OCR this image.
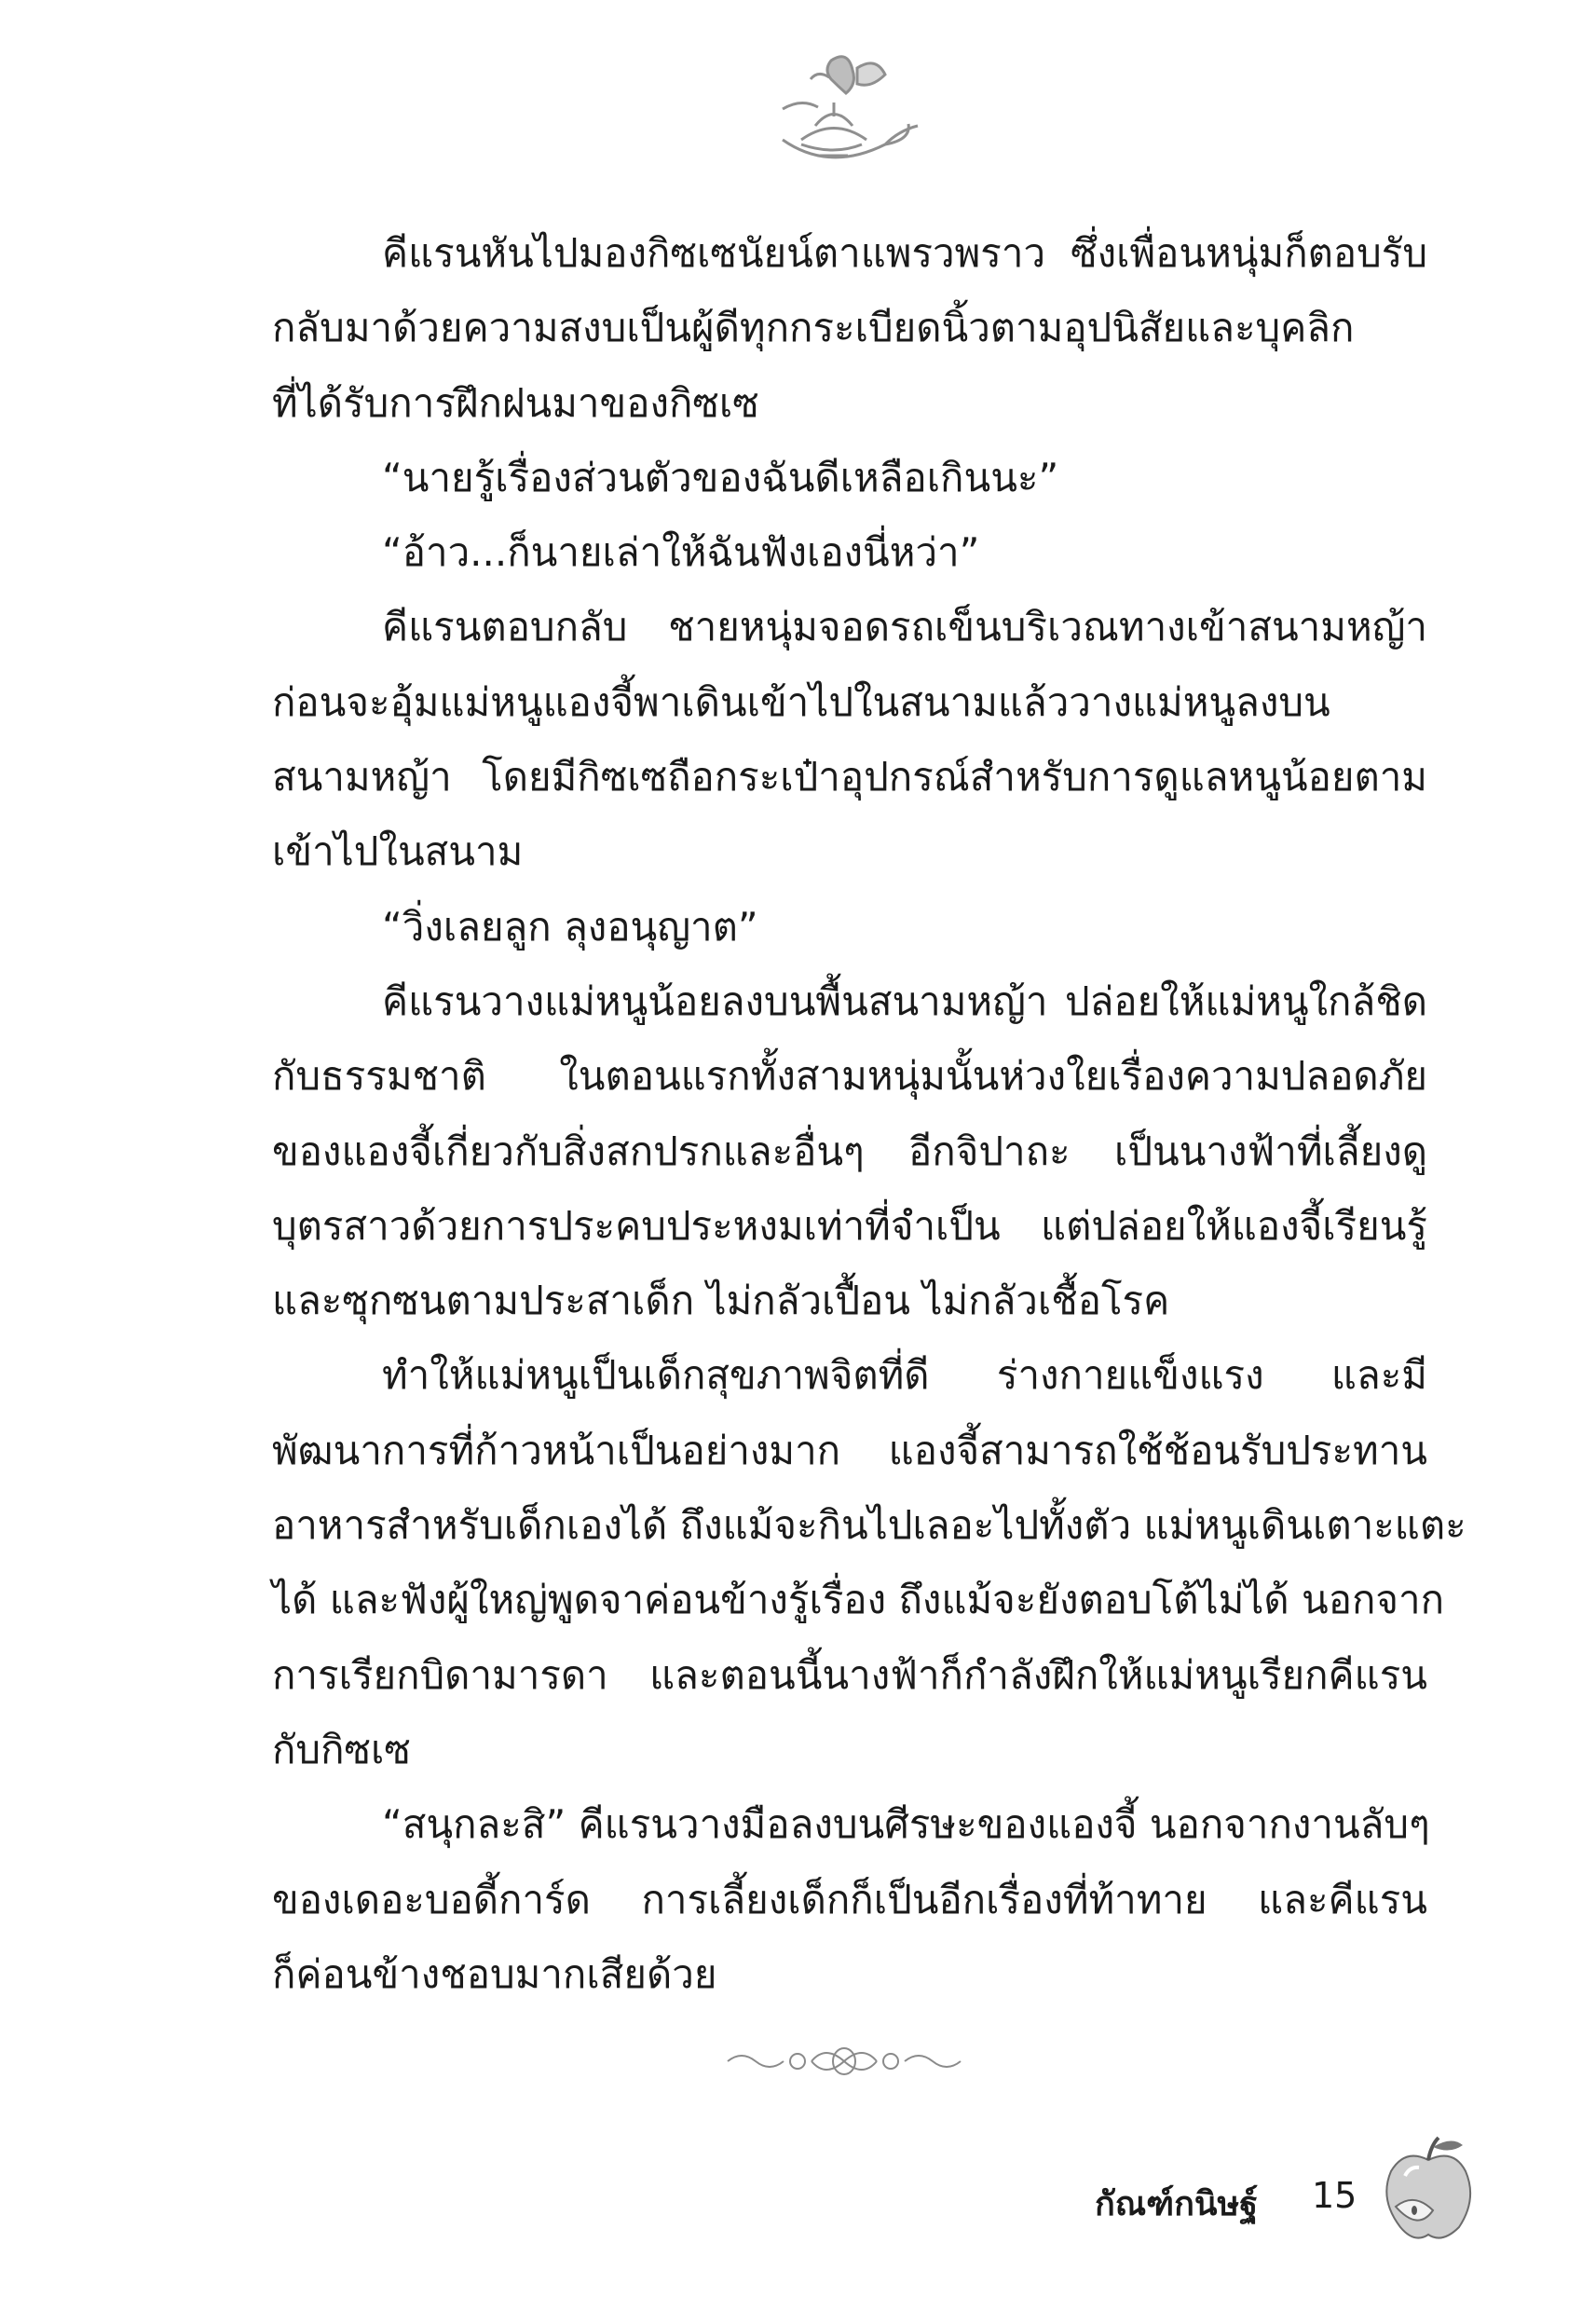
คีแรนหันไปมองกิซเซนัยน์ตาแพรวพราว ซึ่งเพื่อนหนุ่มก็ตอบรับ
กลับมาด้วยความสงบเป็นผู้ดีทุกกระเบียดนิ้วตามอุปนิสัยและบุคลิก
ที่ได้รับการฝึกฝนมาของกิซเซ
“นายรู้เรื่องส่วนตัวของฉันดีเหลือเกินนะ”
“อ้าว...ก็นายเล่าให้ฉันฟังเองนี่หว่า”
คีแรนตอบกลับ ชายหนุ่มจอดรถเข็นบริเวณทางเข้าสนามหญ้า
ก่อนจะอุ้มแม่หนูแองจี้พาเดินเข้าไปในสนามแล้ววางแม่หนูลงบน
สนามหญ้า โดยมีกิซเซถือกระเป๋าอุปกรณ์สำหรับการดูแลหนูน้อยตาม
เข้าไปในสนาม
“วิ่งเลยลูก ลุงอนุญาต”
คีแรนวางแม่หนูน้อยลงบนพื้นสนามหญ้า ปล่อยให้แม่หนูใกล้ชิด
กับธรรมชาติ ในตอนแรกทั้งสามหนุ่มนั้นห่วงใยเรื่องความปลอดภัย
ของแองจี้เกี่ยวกับสิ่งสกปรกและอื่นๆ อีกจิปาถะ เป็นนางฟ้าที่เลี้ยงดู
บุตรสาวด้วยการประคบประหงมเท่าที่จำเป็น แต่ปล่อยให้แองจี้เรียนรู้
และซุกซนตามประสาเด็ก ไม่กลัวเปื้อน ไม่กลัวเชื้อโรค
ทำให้แม่หนูเป็นเด็กสุขภาพจิตที่ดี ร่างกายแข็งแรง และมี
พัฒนาการที่ก้าวหน้าเป็นอย่างมาก แองจี้สามารถใช้ช้อนรับประทาน
อาหารสำหรับเด็กเองได้ ถึงแม้จะกินไปเลอะไปทั้งตัว แม่หนูเดินเตาะแตะ
ได้ และฟังผู้ใหญ่พูดจาค่อนข้างรู้เรื่อง ถึงแม้จะยังตอบโต้ไม่ได้ นอกจาก
การเรียกบิดามารดา และตอนนี้นางฟ้าก็กำลังฝึกให้แม่หนูเรียกคีแรน
กับกิซเซ
“สนุกละสิ” คีแรนวางมือลงบนศีรษะของแองจี้ นอกจากงานลับๆ
ของเดอะบอดี้การ์ด การเลี้ยงเด็กก็เป็นอีกเรื่องที่ท้าทาย และคีแรน
ก็ค่อนข้างชอบมากเสียด้วย
กัณฑ์กนิษฐ์ 15
